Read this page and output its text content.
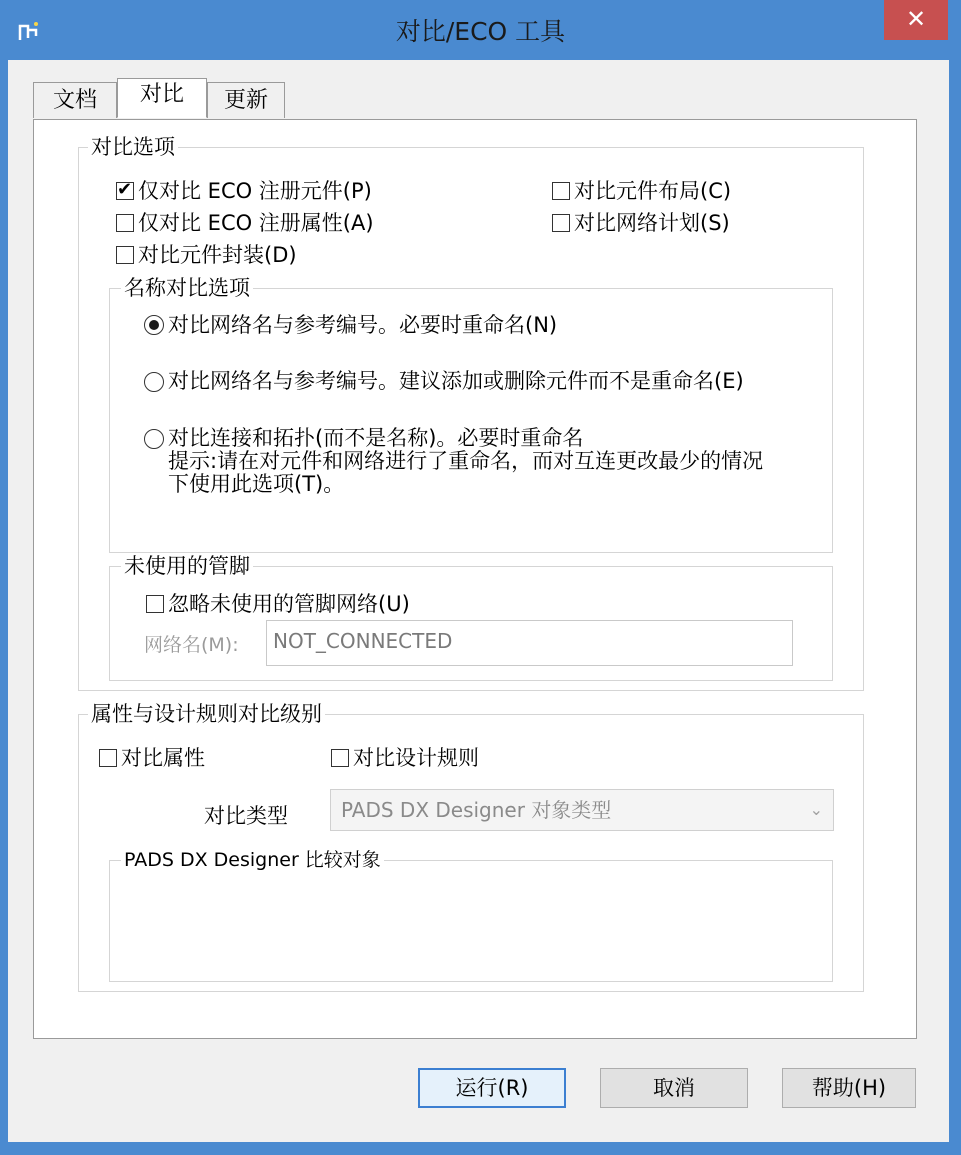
对比/ECO 工具	✕
文档	对比	更新
对比选项
✔
仅对比 ECO 注册元件(P)
仅对比 ECO 注册属性(A)
对比元件封装(D)
对比元件布局(C)
对比网络计划(S)
名称对比选项
对比网络名与参考编号。必要时重命名(N)
对比网络名与参考编号。建议添加或删除元件而不是重命名(E)
对比连接和拓扑(而不是名称)。必要时重命名
提示:请在对元件和网络进行了重命名，而对互连更改最少的情况下使用此选项(T)。
未使用的管脚
忽略未使用的管脚网络(U)
网络名(M):	NOT_CONNECTED
属性与设计规则对比级别
对比属性	对比设计规则
对比类型	PADS DX Designer 对象类型	⌄
PADS DX Designer 比较对象
运行(R)	取消	帮助(H)
